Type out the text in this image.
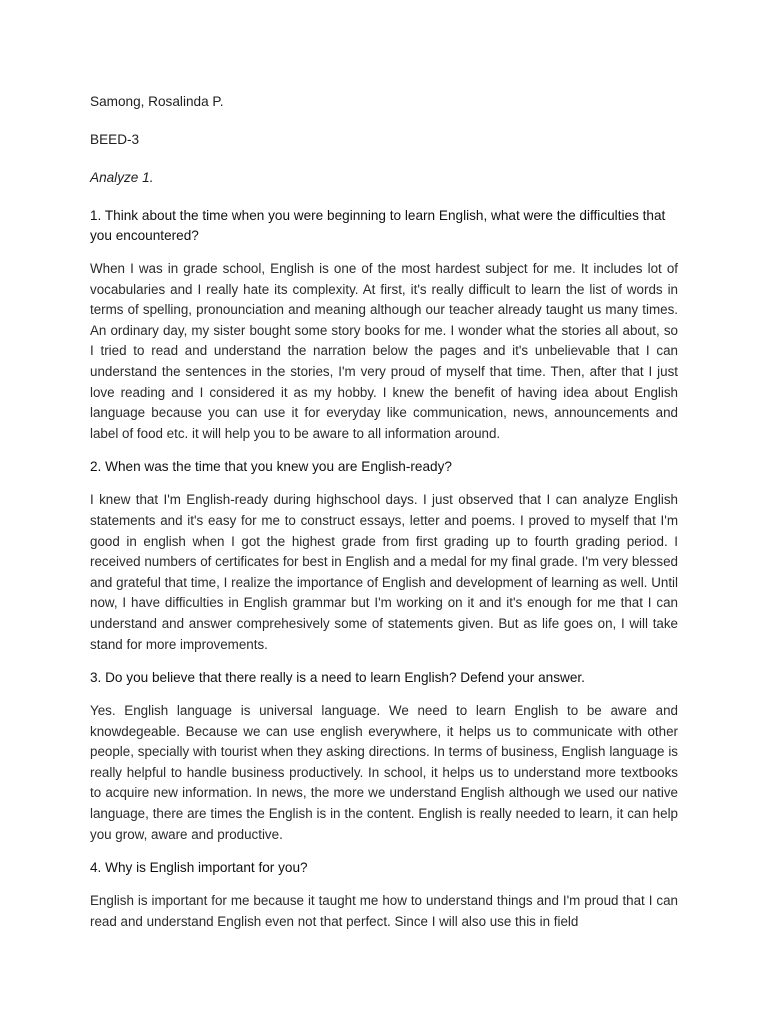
Samong, Rosalinda P.

BEED-3

Analyze 1.

1. Think about the time when you were beginning to learn English, what were the difficulties that you encountered?

When I was in grade school, English is one of the most hardest subject for me. It includes lot of vocabularies and I really hate its complexity. At first, it's really difficult to learn the list of words in terms of spelling, pronounciation and meaning although our teacher already taught us many times. An ordinary day, my sister bought some story books for me. I wonder what the stories all about, so I tried to read and understand the narration below the pages and it's unbelievable that I can understand the sentences in the stories, I'm very proud of myself that time. Then, after that I just love reading and I considered it as my hobby. I knew the benefit of having idea about English language because you can use it for everyday like communication, news, announcements and label of food etc. it will help you to be aware to all information around.

2. When was the time that you knew you are English-ready?

I knew that I'm English-ready during highschool days. I just observed that I can analyze English statements and it's easy for me to construct essays, letter and poems. I proved to myself that I'm good in english when I got the highest grade from first grading up to fourth grading period. I received numbers of certificates for best in English and a medal for my final grade. I'm very blessed and grateful that time, I realize the importance of English and development of learning as well. Until now, I have difficulties in English grammar but I'm working on it and it's enough for me that I can understand and answer comprehesively some of statements given. But as life goes on, I will take stand for more improvements.

3. Do you believe that there really is a need to learn English? Defend your answer.

Yes. English language is universal language. We need to learn English to be aware and knowdegeable. Because we can use english everywhere, it helps us to communicate with other people, specially with tourist when they asking directions. In terms of business, English language is really helpful to handle business productively. In school, it helps us to understand more textbooks to acquire new information. In news, the more we understand English although we used our native language, there are times the English is in the content. English is really needed to learn, it can help you grow, aware and productive.

4. Why is English important for you?

English is important for me because it taught me how to understand things and I'm proud that I can read and understand English even not that perfect. Since I will also use this in field
